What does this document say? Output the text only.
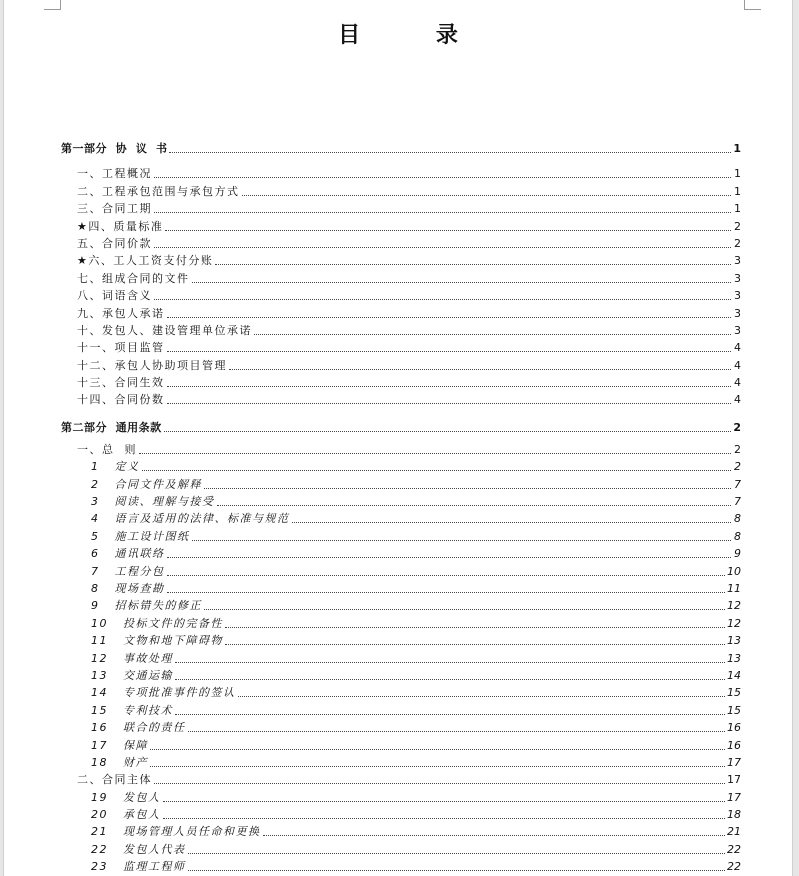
目 录
第一部分  协  议  书	1
一、工程概况	1
二、工程承包范围与承包方式	1
三、合同工期	1
★四、质量标准	2
五、合同价款	2
★六、工人工资支付分账	3
七、组成合同的文件	3
八、词语含义	3
九、承包人承诺	3
十、发包人、建设管理单位承诺	3
十一、项目监管	4
十二、承包人协助项目管理	4
十三、合同生效	4
十四、合同份数	4
第二部分  通用条款	2
一、总  则	2
1   定义	2
2   合同文件及解释	7
3   阅读、理解与接受	7
4   语言及适用的法律、标准与规范	8
5   施工设计图纸	8
6   通讯联络	9
7   工程分包	10
8   现场查勘	11
9   招标错失的修正	12
10   投标文件的完备性	12
11   文物和地下障碍物	13
12   事故处理	13
13   交通运输	14
14   专项批准事件的签认	15
15   专利技术	15
16   联合的责任	16
17   保障	16
18   财产	17
二、合同主体	17
19   发包人	17
20   承包人	18
21   现场管理人员任命和更换	21
22   发包人代表	22
23   监理工程师	22
